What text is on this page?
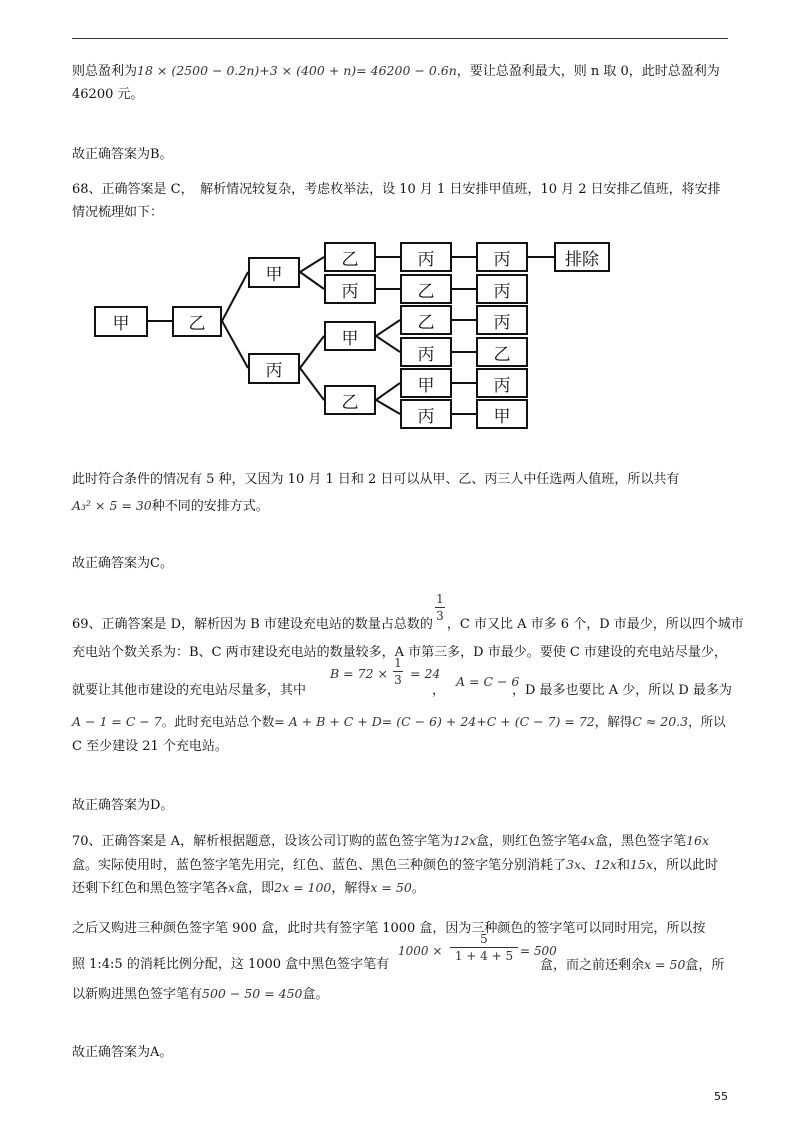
则总盈利为18 × (2500 − 0.2n)+3 × (400 + n)= 46200 − 0.6n，要让总盈利最大，则 n 取 0，此时总盈利为
46200 元。
故正确答案为B。
68、正确答案是 C，　解析情况较复杂，考虑枚举法，设 10 月 1 日安排甲值班，10 月 2 日安排乙值班，将安排
情况梳理如下：
甲	乙
甲
丙
乙	丙	丙	排除
丙	乙	丙
甲
乙	丙
丙	乙
乙
甲	丙
丙	甲
此时符合条件的情况有 5 种，又因为 10 月 1 日和 2 日可以从甲、乙、丙三人中任选两人值班，所以共有
A₃² × 5 = 30种不同的安排方式。
故正确答案为C。
1
3
69、正确答案是 D，解析因为 B 市建设充电站的数量占总数的 ，C 市又比 A 市多 6 个，D 市最少，所以四个城市
充电站个数关系为：B、C 两市建设充电站的数量较多，A 市第三多，D 市最少。要使 C 市建设的充电站尽量少，
就要让其他市建设的充电站尽量多，其中
B = 72 ×
1
3 = 24
，
A = C − 6
，D 最多也要比 A 少，所以 D 最多为
A − 1 = C − 7。此时充电站总个数= A + B + C + D= (C − 6) + 24+C + (C − 7) = 72，解得C ≈ 20.3，所以
C 至少建设 21 个充电站。
故正确答案为D。
70、正确答案是 A，解析根据题意，设该公司订购的蓝色签字笔为12x盒，则红色签字笔4x盒，黑色签字笔16x
盒。实际使用时，蓝色签字笔先用完，红色、蓝色、黑色三种颜色的签字笔分别消耗了3x、12x和15x，所以此时
还剩下红色和黑色签字笔各x盒，即2x = 100，解得x = 50。
之后又购进三种颜色签字笔 900 盒，此时共有签字笔 1000 盒，因为三种颜色的签字笔可以同时用完，所以按
照 1:4:5 的消耗比例分配，这 1000 盒中黑色签字笔有
1000 ×
5
1 + 4 + 5 = 500
盒，而之前还剩余x = 50盒，所
以新购进黑色签字笔有500 − 50 = 450盒。
故正确答案为A。
55
